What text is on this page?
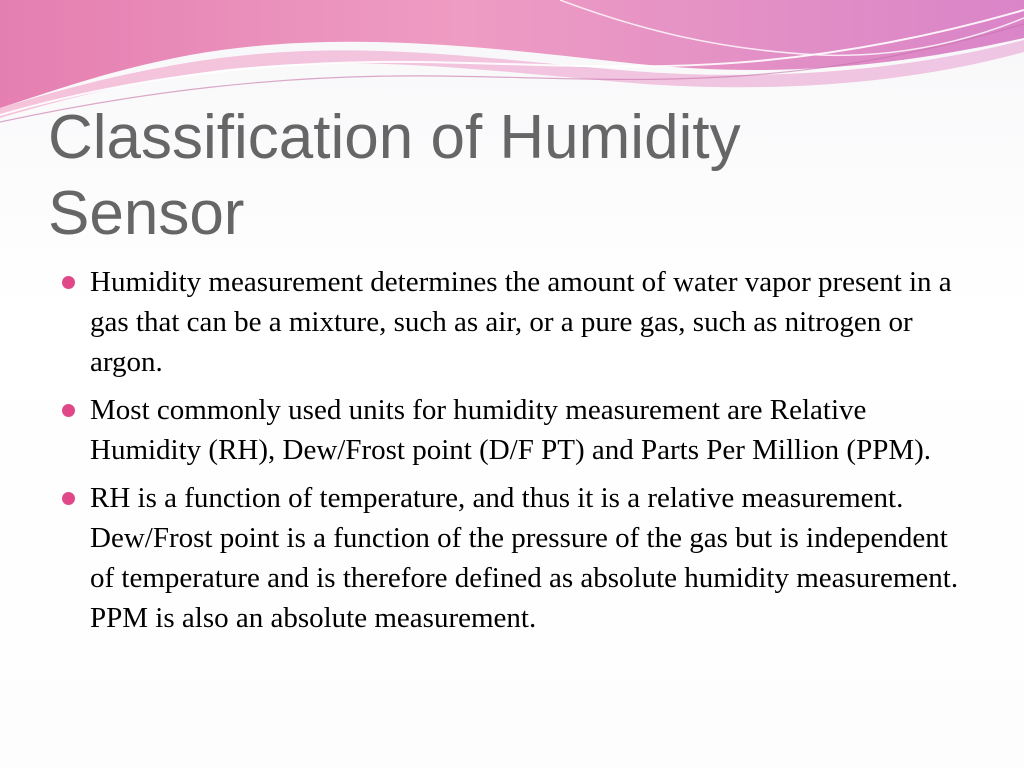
Classification of Humidity
Sensor
Humidity measurement determines the amount of water vapor present in a gas that can be a mixture, such as air, or a pure gas, such as nitrogen or argon.
Most commonly used units for humidity measurement are Relative Humidity (RH), Dew/Frost point (D/F PT) and Parts Per Million (PPM).
RH is a function of temperature, and thus it is a relative measurement. Dew/Frost point is a function of the pressure of the gas but is independent of temperature and is therefore defined as absolute humidity measurement. PPM is also an absolute measurement.
